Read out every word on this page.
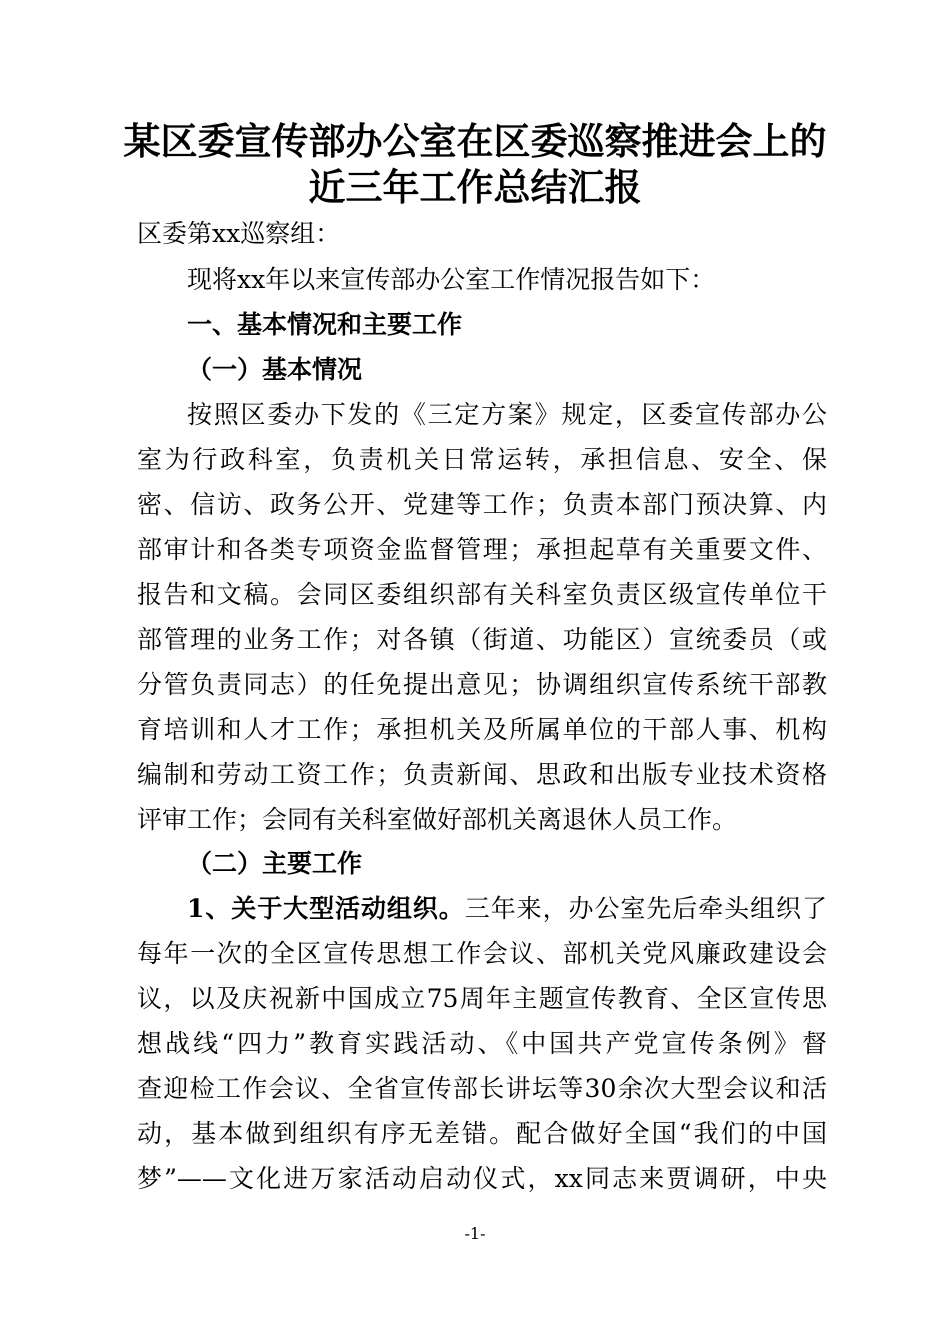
某区委宣传部办公室在区委巡察推进会上的
近三年工作总结汇报
区委第xx巡察组：
现将xx年以来宣传部办公室工作情况报告如下：
一、基本情况和主要工作
（一）基本情况
按照区委办下发的《三定方案》规定，区委宣传部办公
室为行政科室，负责机关日常运转，承担信息、安全、保
密、信访、政务公开、党建等工作；负责本部门预决算、内
部审计和各类专项资金监督管理；承担起草有关重要文件、
报告和文稿。会同区委组织部有关科室负责区级宣传单位干
部管理的业务工作；对各镇（街道、功能区）宣统委员（或
分管负责同志）的任免提出意见；协调组织宣传系统干部教
育培训和人才工作；承担机关及所属单位的干部人事、机构
编制和劳动工资工作；负责新闻、思政和出版专业技术资格
评审工作；会同有关科室做好部机关离退休人员工作。
（二）主要工作
1、关于大型活动组织。三年来，办公室先后牵头组织了
每年一次的全区宣传思想工作会议、部机关党风廉政建设会
议，以及庆祝新中国成立75周年主题宣传教育、全区宣传思
想战线“四力”教育实践活动、《中国共产党宣传条例》督
查迎检工作会议、全省宣传部长讲坛等30余次大型会议和活
动，基本做到组织有序无差错。配合做好全国“我们的中国
梦”——文化进万家活动启动仪式，xx同志来贾调研，中央
-1-
